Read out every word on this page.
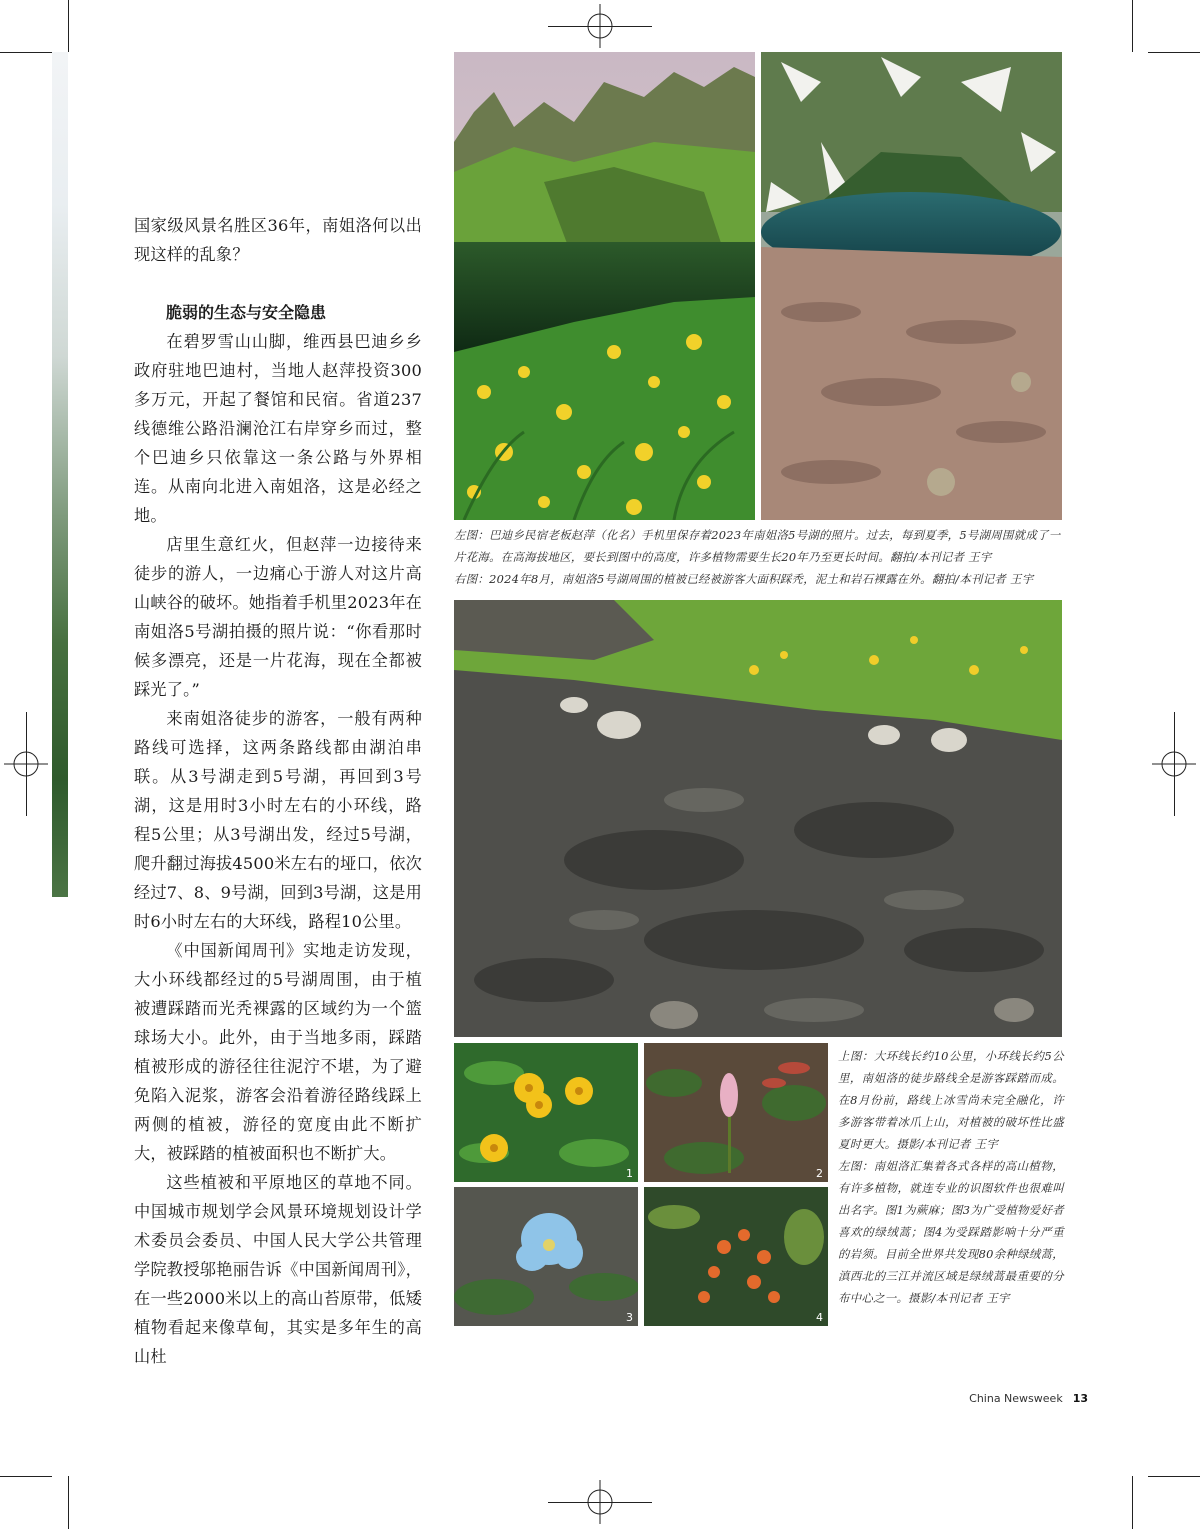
国家级风景名胜区36年，南姐洛何以出现这样的乱象？

脆弱的生态与安全隐患

在碧罗雪山山脚，维西县巴迪乡乡政府驻地巴迪村，当地人赵萍投资300多万元，开起了餐馆和民宿。省道237线德维公路沿澜沧江右岸穿乡而过，整个巴迪乡只依靠这一条公路与外界相连。从南向北进入南姐洛，这是必经之地。

店里生意红火，但赵萍一边接待来徒步的游人，一边痛心于游人对这片高山峡谷的破坏。她指着手机里2023年在南姐洛5号湖拍摄的照片说：“你看那时候多漂亮，还是一片花海，现在全都被踩光了。”

来南姐洛徒步的游客，一般有两种路线可选择，这两条路线都由湖泊串联。从3号湖走到5号湖，再回到3号湖，这是用时3小时左右的小环线，路程5公里；从3号湖出发，经过5号湖，爬升翻过海拔4500米左右的垭口，依次经过7、8、9号湖，回到3号湖，这是用时6小时左右的大环线，路程10公里。

《中国新闻周刊》实地走访发现，大小环线都经过的5号湖周围，由于植被遭踩踏而光秃裸露的区域约为一个篮球场大小。此外，由于当地多雨，踩踏植被形成的游径往往泥泞不堪，为了避免陷入泥浆，游客会沿着游径路线踩上两侧的植被，游径的宽度由此不断扩大，被踩踏的植被面积也不断扩大。

这些植被和平原地区的草地不同。中国城市规划学会风景环境规划设计学术委员会委员、中国人民大学公共管理学院教授邬艳丽告诉《中国新闻周刊》，在一些2000米以上的高山苔原带，低矮植物看起来像草甸，其实是多年生的高山杜

左图：巴迪乡民宿老板赵萍（化名）手机里保存着2023年南姐洛5号湖的照片。过去，每到夏季，5号湖周围就成了一片花海。在高海拔地区，要长到图中的高度，许多植物需要生长20年乃至更长时间。翻拍/本刊记者 王宇

右图：2024年8月，南姐洛5号湖周围的植被已经被游客大面积踩秃，泥土和岩石裸露在外。翻拍/本刊记者 王宇

1	2
3	4

上图：大环线长约10公里，小环线长约5公里，南姐洛的徒步路线全是游客踩踏而成。在8月份前，路线上冰雪尚未完全融化，许多游客带着冰爪上山，对植被的破坏性比盛夏时更大。摄影/本刊记者 王宇

左图：南姐洛汇集着各式各样的高山植物，有许多植物，就连专业的识图软件也很难叫出名字。图1为蕨麻；图3为广受植物爱好者喜欢的绿绒蒿；图4为受踩踏影响十分严重的岩须。目前全世界共发现80余种绿绒蒿，滇西北的三江并流区域是绿绒蒿最重要的分布中心之一。摄影/本刊记者 王宇

China Newsweek 13
